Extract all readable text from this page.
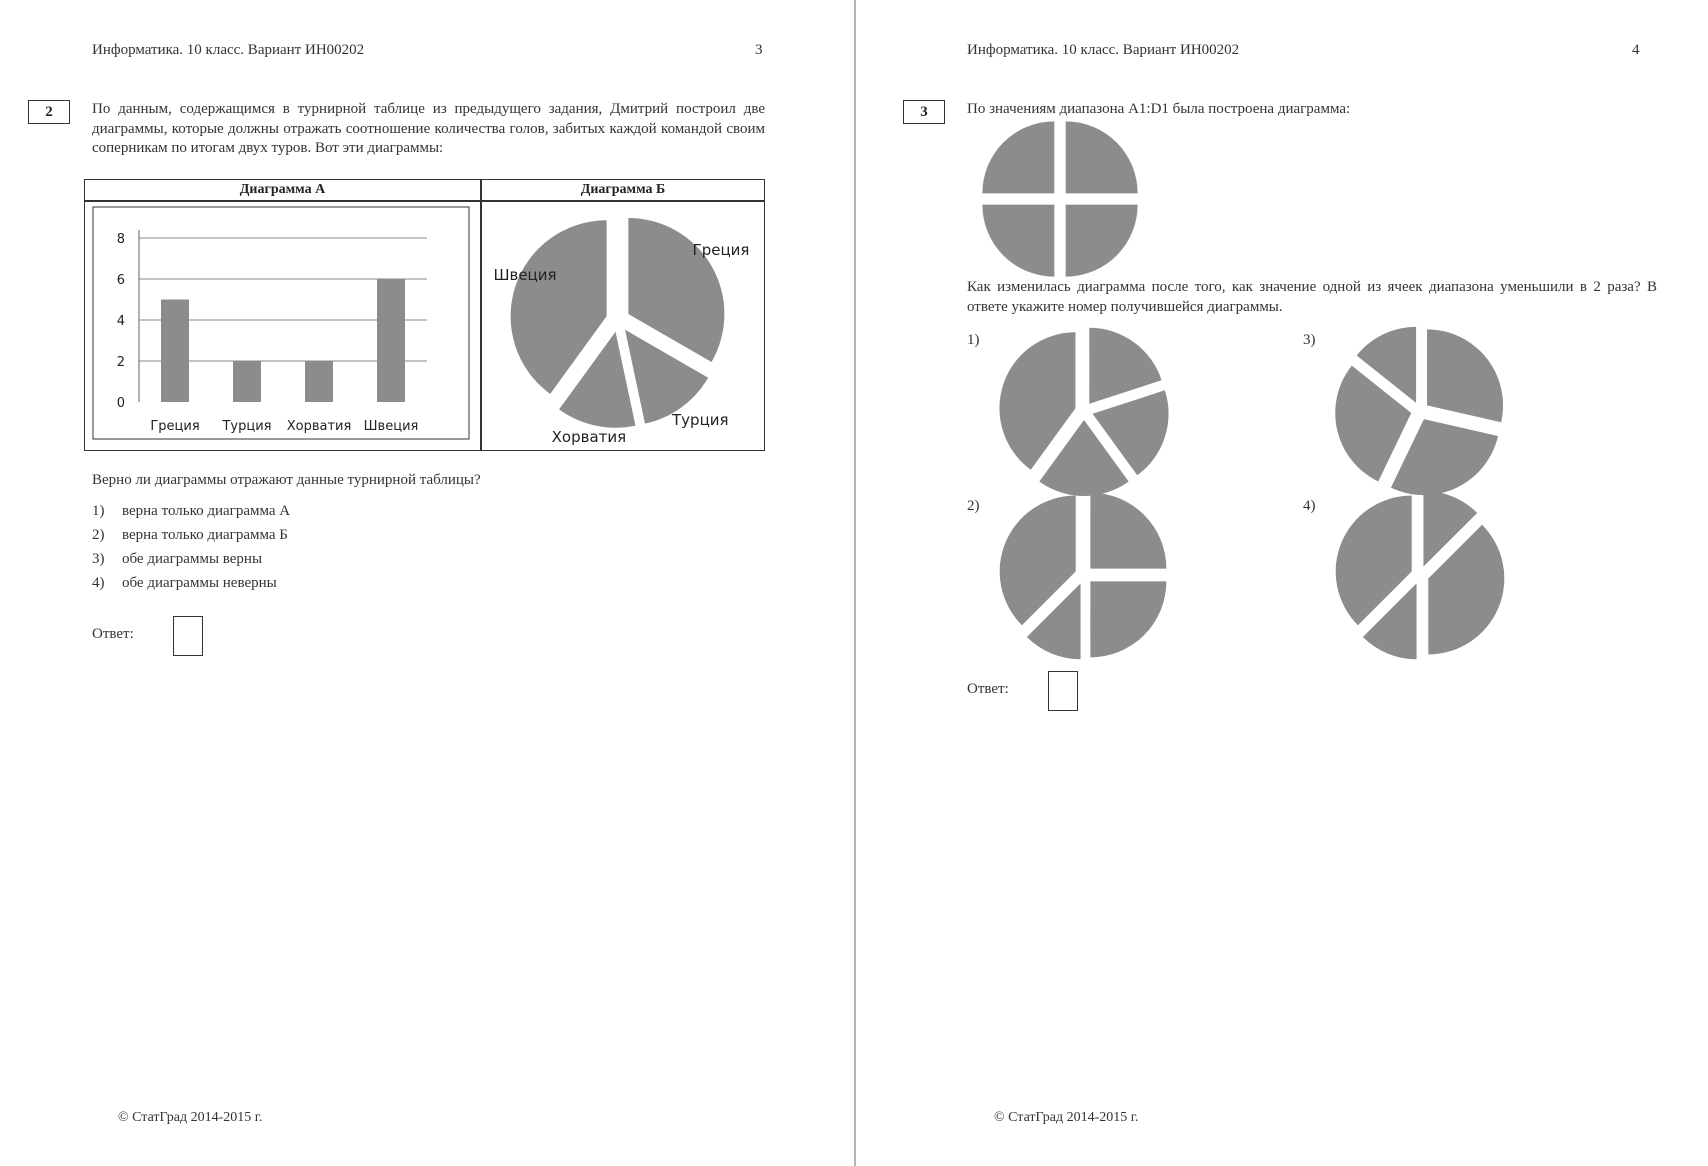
Информатика. 10 класс. Вариант ИН00202	3
2	По данным, содержащимся в турнирной таблице из предыдущего задания, Дмитрий построил две диаграммы, которые должны отражать соотношение количества голов, забитых каждой командой своим соперникам по итогам двух туров. Вот эти диаграммы:
Диаграмма А	Диаграмма Б
0
2
4
6
8
Греция Турция Хорватия Швеция
Греция
Турция
Хорватия
Швеция
Верно ли диаграммы отражают данные турнирной таблицы?
1) верна только диаграмма А
2) верна только диаграмма Б
3) обе диаграммы верны
4) обе диаграммы неверны
Ответ:
© СтатГрад 2014-2015 г.
Информатика. 10 класс. Вариант ИН00202	4
3	По значениям диапазона A1:D1 была построена диаграмма:
Как изменилась диаграмма после того, как значение одной из ячеек диапазона уменьшили в 2 раза? В ответе укажите номер получившейся диаграммы.
1)
2)
3)
4)
Ответ:
© СтатГрад 2014-2015 г.
